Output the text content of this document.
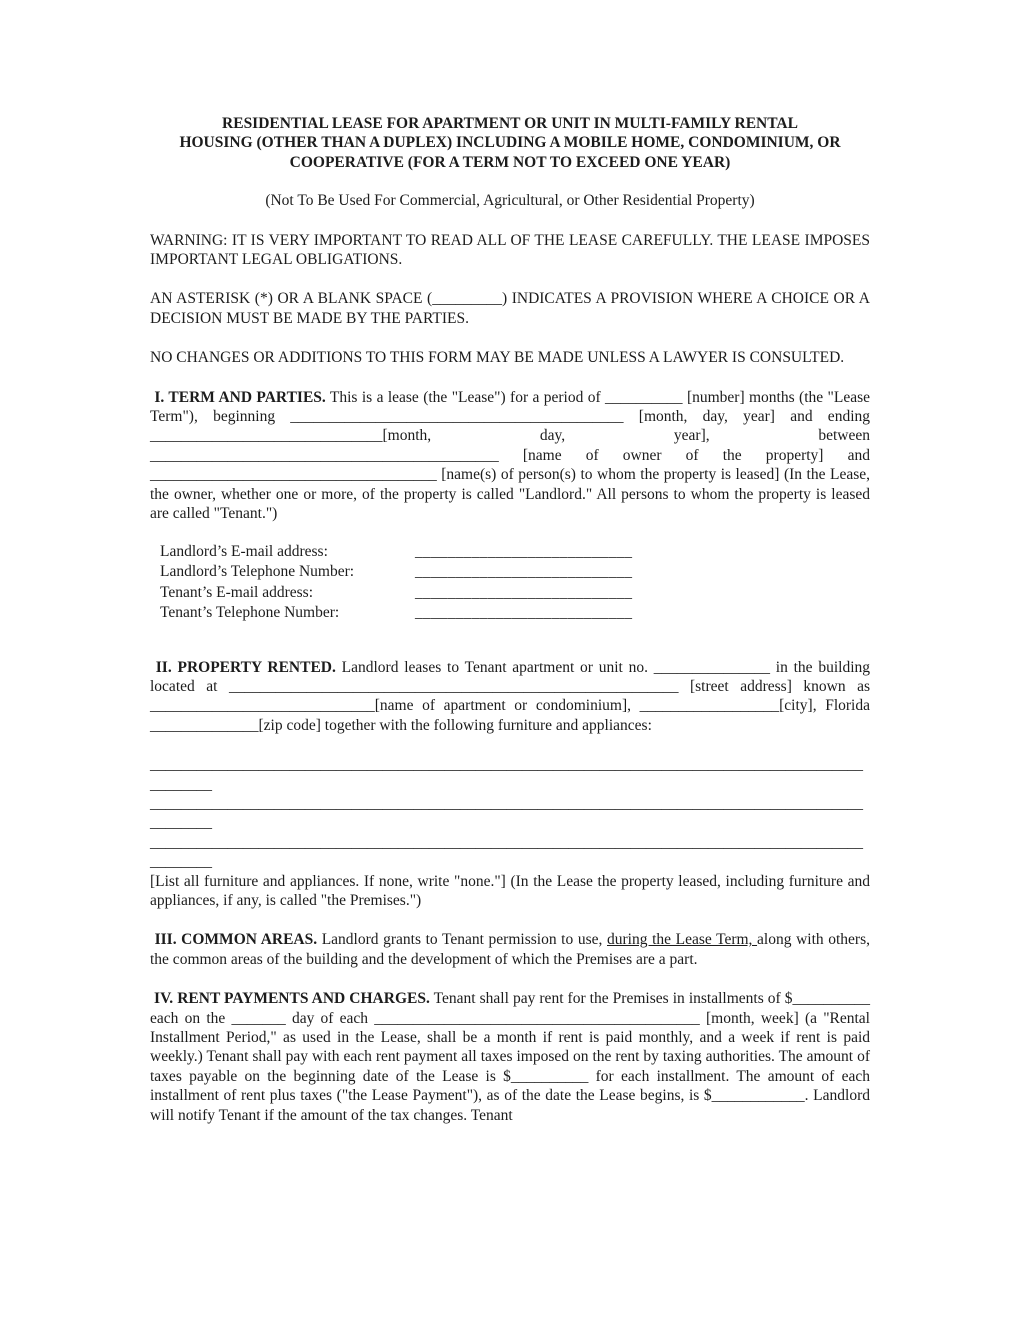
RESIDENTIAL LEASE FOR APARTMENT OR UNIT IN MULTI-FAMILY RENTAL
HOUSING (OTHER THAN A DUPLEX) INCLUDING A MOBILE HOME, CONDOMINIUM, OR
COOPERATIVE (FOR A TERM NOT TO EXCEED ONE YEAR)
(Not To Be Used For Commercial, Agricultural, or Other Residential Property)

WARNING: IT IS VERY IMPORTANT TO READ ALL OF THE LEASE CAREFULLY. THE LEASE IMPOSES IMPORTANT LEGAL OBLIGATIONS.

AN ASTERISK (*) OR A BLANK SPACE (_________) INDICATES A PROVISION WHERE A CHOICE OR A DECISION MUST BE MADE BY THE PARTIES.

NO CHANGES OR ADDITIONS TO THIS FORM MAY BE MADE UNLESS A LAWYER IS CONSULTED.

I. TERM AND PARTIES. This is a lease (the "Lease") for a period of __________ [number] months (the "Lease Term"), beginning ___________________________________________ [month, day, year] and ending ______________________________[month, day, year], between _____________________________________________ [name of owner of the property] and _____________________________________ [name(s) of person(s) to whom the property is leased] (In the Lease, the owner, whether one or more, of the property is called "Landlord." All persons to whom the property is leased are called "Tenant.")

Landlord’s E-mail address:	___________________________
Landlord’s Telephone Number:	___________________________
Tenant’s E-mail address:	___________________________
Tenant’s Telephone Number:	___________________________

II. PROPERTY RENTED. Landlord leases to Tenant apartment or unit no. _______________ in the building located at __________________________________________________________ [street address] known as _____________________________[name of apartment or condominium], __________________[city], Florida ______________[zip code] together with the following furniture and appliances:

____________________________________________________________________________________________________
____________________________________________________________________________________________________
____________________________________________________________________________________________________

[List all furniture and appliances. If none, write "none."] (In the Lease the property leased, including furniture and appliances, if any, is called "the Premises.")

III. COMMON AREAS. Landlord grants to Tenant permission to use, during the Lease Term, along with others, the common areas of the building and the development of which the Premises are a part.

IV. RENT PAYMENTS AND CHARGES. Tenant shall pay rent for the Premises in installments of $__________ each on the _______ day of each __________________________________________ [month, week] (a "Rental Installment Period," as used in the Lease, shall be a month if rent is paid monthly, and a week if rent is paid weekly.) Tenant shall pay with each rent payment all taxes imposed on the rent by taxing authorities. The amount of taxes payable on the beginning date of the Lease is $__________ for each installment. The amount of each installment of rent plus taxes ("the Lease Payment"), as of the date the Lease begins, is $____________. Landlord will notify Tenant if the amount of the tax changes. Tenant
